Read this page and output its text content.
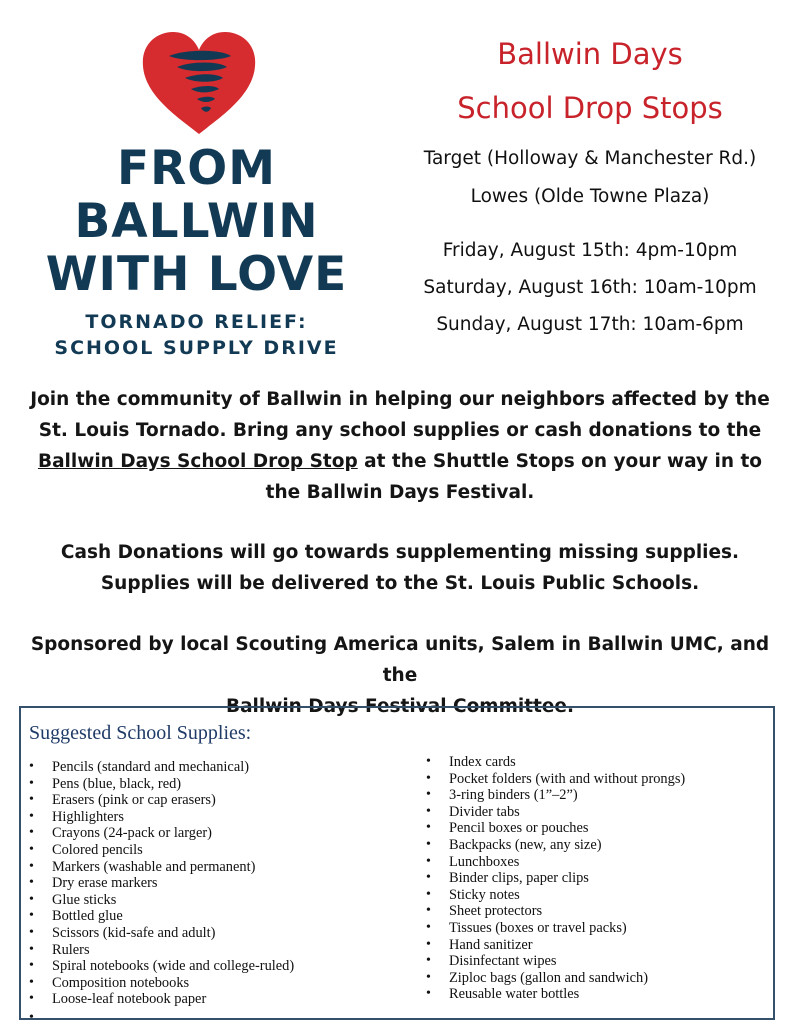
FROM
BALLWIN
WITH LOVE
TORNADO RELIEF:
SCHOOL SUPPLY DRIVE
Ballwin Days
School Drop Stops
Target (Holloway & Manchester Rd.)
Lowes (Olde Towne Plaza)
Friday, August 15th: 4pm-10pm
Saturday, August 16th: 10am-10pm
Sunday, August 17th: 10am-6pm
Join the community of Ballwin in helping our neighbors affected by the St. Louis Tornado. Bring any school supplies or cash donations to the Ballwin Days School Drop Stop at the Shuttle Stops on your way in to the Ballwin Days Festival.
Cash Donations will go towards supplementing missing supplies.
Supplies will be delivered to the St. Louis Public Schools.
Sponsored by local Scouting America units, Salem in Ballwin UMC, and the
Ballwin Days Festival Committee.
Suggested School Supplies:
• Pencils (standard and mechanical)
• Pens (blue, black, red)
• Erasers (pink or cap erasers)
• Highlighters
• Crayons (24-pack or larger)
• Colored pencils
• Markers (washable and permanent)
• Dry erase markers
• Glue sticks
• Bottled glue
• Scissors (kid-safe and adult)
• Rulers
• Spiral notebooks (wide and college-ruled)
• Composition notebooks
• Loose-leaf notebook paper
• Index cards
• Pocket folders (with and without prongs)
• 3-ring binders (1”–2”)
• Divider tabs
• Pencil boxes or pouches
• Backpacks (new, any size)
• Lunchboxes
• Binder clips, paper clips
• Sticky notes
• Sheet protectors
• Tissues (boxes or travel packs)
• Hand sanitizer
• Disinfectant wipes
• Ziploc bags (gallon and sandwich)
• Reusable water bottles
•
